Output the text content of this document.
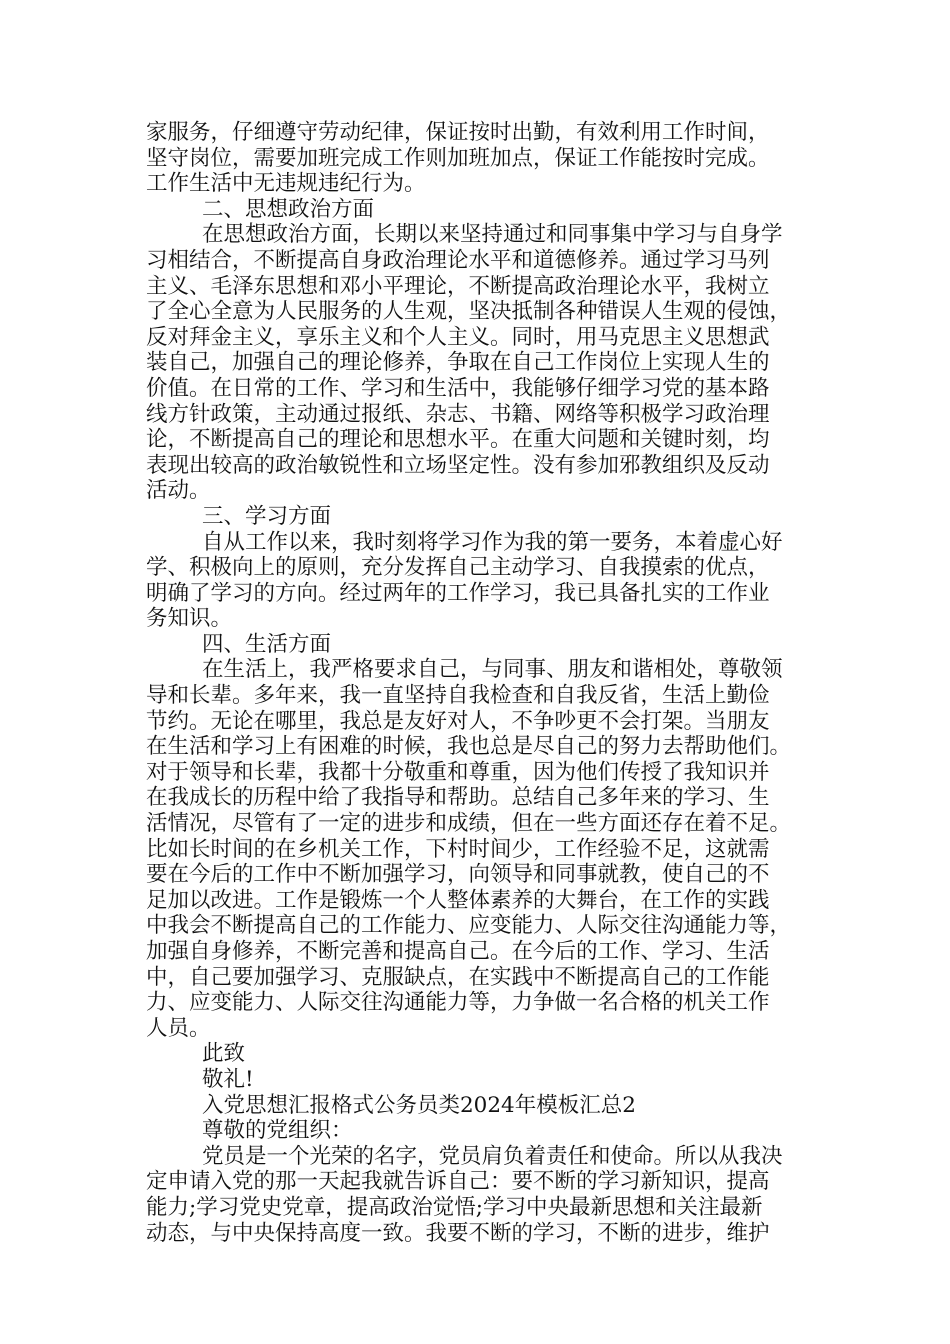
家服务，仔细遵守劳动纪律，保证按时出勤，有效利用工作时间，
坚守岗位，需要加班完成工作则加班加点，保证工作能按时完成。
工作生活中无违规违纪行为。
二、思想政治方面
在思想政治方面，长期以来坚持通过和同事集中学习与自身学
习相结合，不断提高自身政治理论水平和道德修养。通过学习马列
主义、毛泽东思想和邓小平理论，不断提高政治理论水平，我树立
了全心全意为人民服务的人生观，坚决抵制各种错误人生观的侵蚀，
反对拜金主义，享乐主义和个人主义。同时，用马克思主义思想武
装自己，加强自己的理论修养，争取在自己工作岗位上实现人生的
价值。在日常的工作、学习和生活中，我能够仔细学习党的基本路
线方针政策，主动通过报纸、杂志、书籍、网络等积极学习政治理
论，不断提高自己的理论和思想水平。在重大问题和关键时刻，均
表现出较高的政治敏锐性和立场坚定性。没有参加邪教组织及反动
活动。
三、学习方面
自从工作以来，我时刻将学习作为我的第一要务，本着虚心好
学、积极向上的原则，充分发挥自己主动学习、自我摸索的优点，
明确了学习的方向。经过两年的工作学习，我已具备扎实的工作业
务知识。
四、生活方面
在生活上，我严格要求自己，与同事、朋友和谐相处，尊敬领
导和长辈。多年来，我一直坚持自我检查和自我反省，生活上勤俭
节约。无论在哪里，我总是友好对人，不争吵更不会打架。当朋友
在生活和学习上有困难的时候，我也总是尽自己的努力去帮助他们。
对于领导和长辈，我都十分敬重和尊重，因为他们传授了我知识并
在我成长的历程中给了我指导和帮助。总结自己多年来的学习、生
活情况，尽管有了一定的进步和成绩，但在一些方面还存在着不足。
比如长时间的在乡机关工作，下村时间少，工作经验不足，这就需
要在今后的工作中不断加强学习，向领导和同事就教，使自己的不
足加以改进。工作是锻炼一个人整体素养的大舞台，在工作的实践
中我会不断提高自己的工作能力、应变能力、人际交往沟通能力等，
加强自身修养，不断完善和提高自己。在今后的工作、学习、生活
中，自己要加强学习、克服缺点，在实践中不断提高自己的工作能
力、应变能力、人际交往沟通能力等，力争做一名合格的机关工作
人员。
此致
敬礼!
入党思想汇报格式公务员类2024年模板汇总2
尊敬的党组织：
党员是一个光荣的名字，党员肩负着责任和使命。所以从我决
定申请入党的那一天起我就告诉自己：要不断的学习新知识，提高
能力;学习党史党章，提高政治觉悟;学习中央最新思想和关注最新
动态，与中央保持高度一致。我要不断的学习，不断的进步，维护
